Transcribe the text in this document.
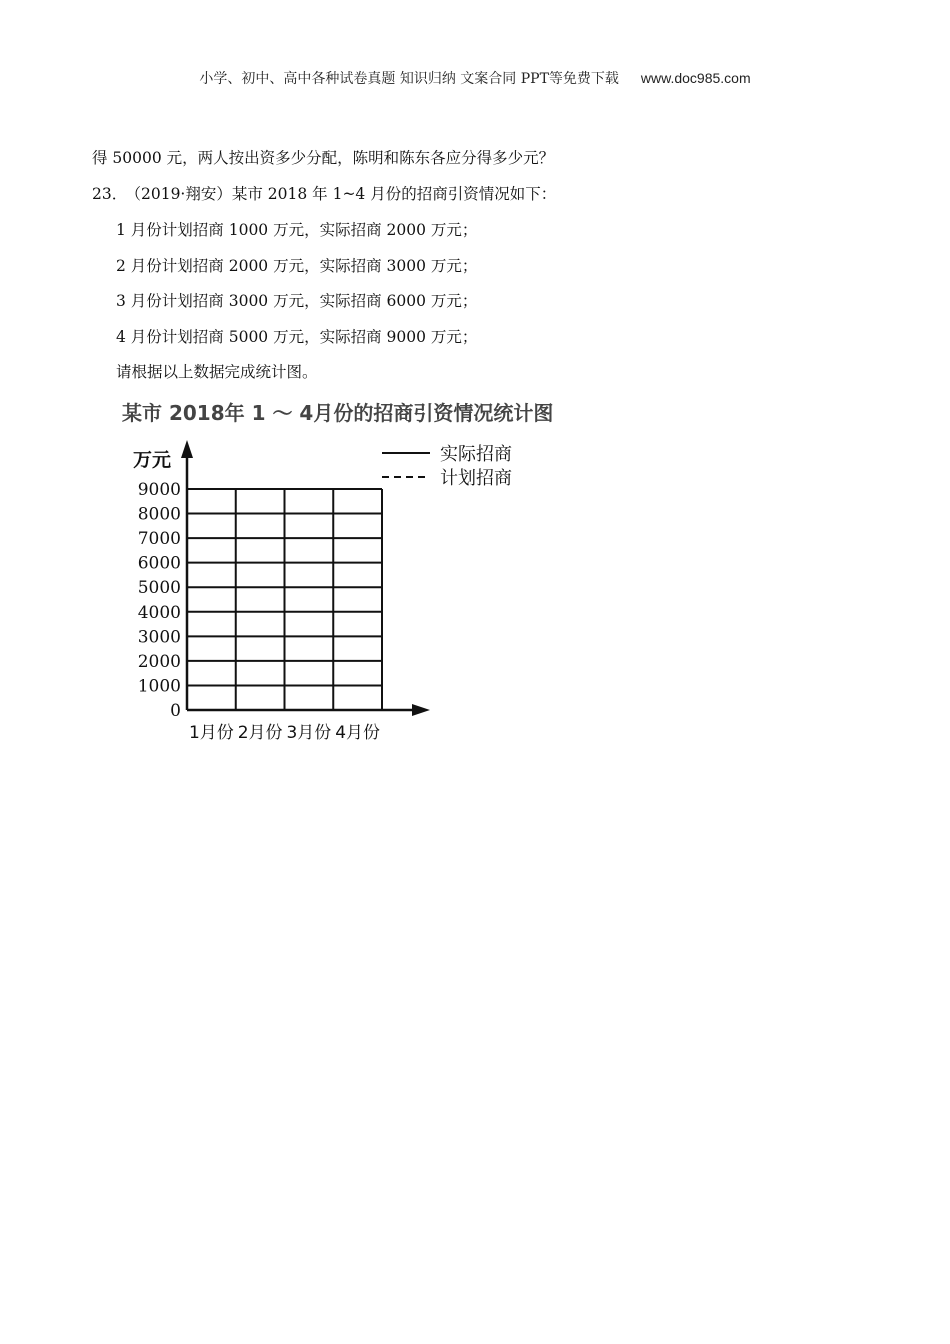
小学、初中、高中各种试卷真题 知识归纳 文案合同 PPT等免费下载 www.doc985.com
得 50000 元，两人按出资多少分配，陈明和陈东各应分得多少元？
23． （2019·翔安）某市 2018 年 1~4 月份的招商引资情况如下：
1 月份计划招商 1000 万元，实际招商 2000 万元；
2 月份计划招商 2000 万元，实际招商 3000 万元；
3 月份计划招商 3000 万元，实际招商 6000 万元；
4 月份计划招商 5000 万元，实际招商 9000 万元；
请根据以上数据完成统计图。
某市 2018年 1 ～ 4月份的招商引资情况统计图
万元
0
1000
2000
3000
4000
5000
6000
7000
8000
9000
1月份 2月份 3月份 4月份
实际招商
计划招商
